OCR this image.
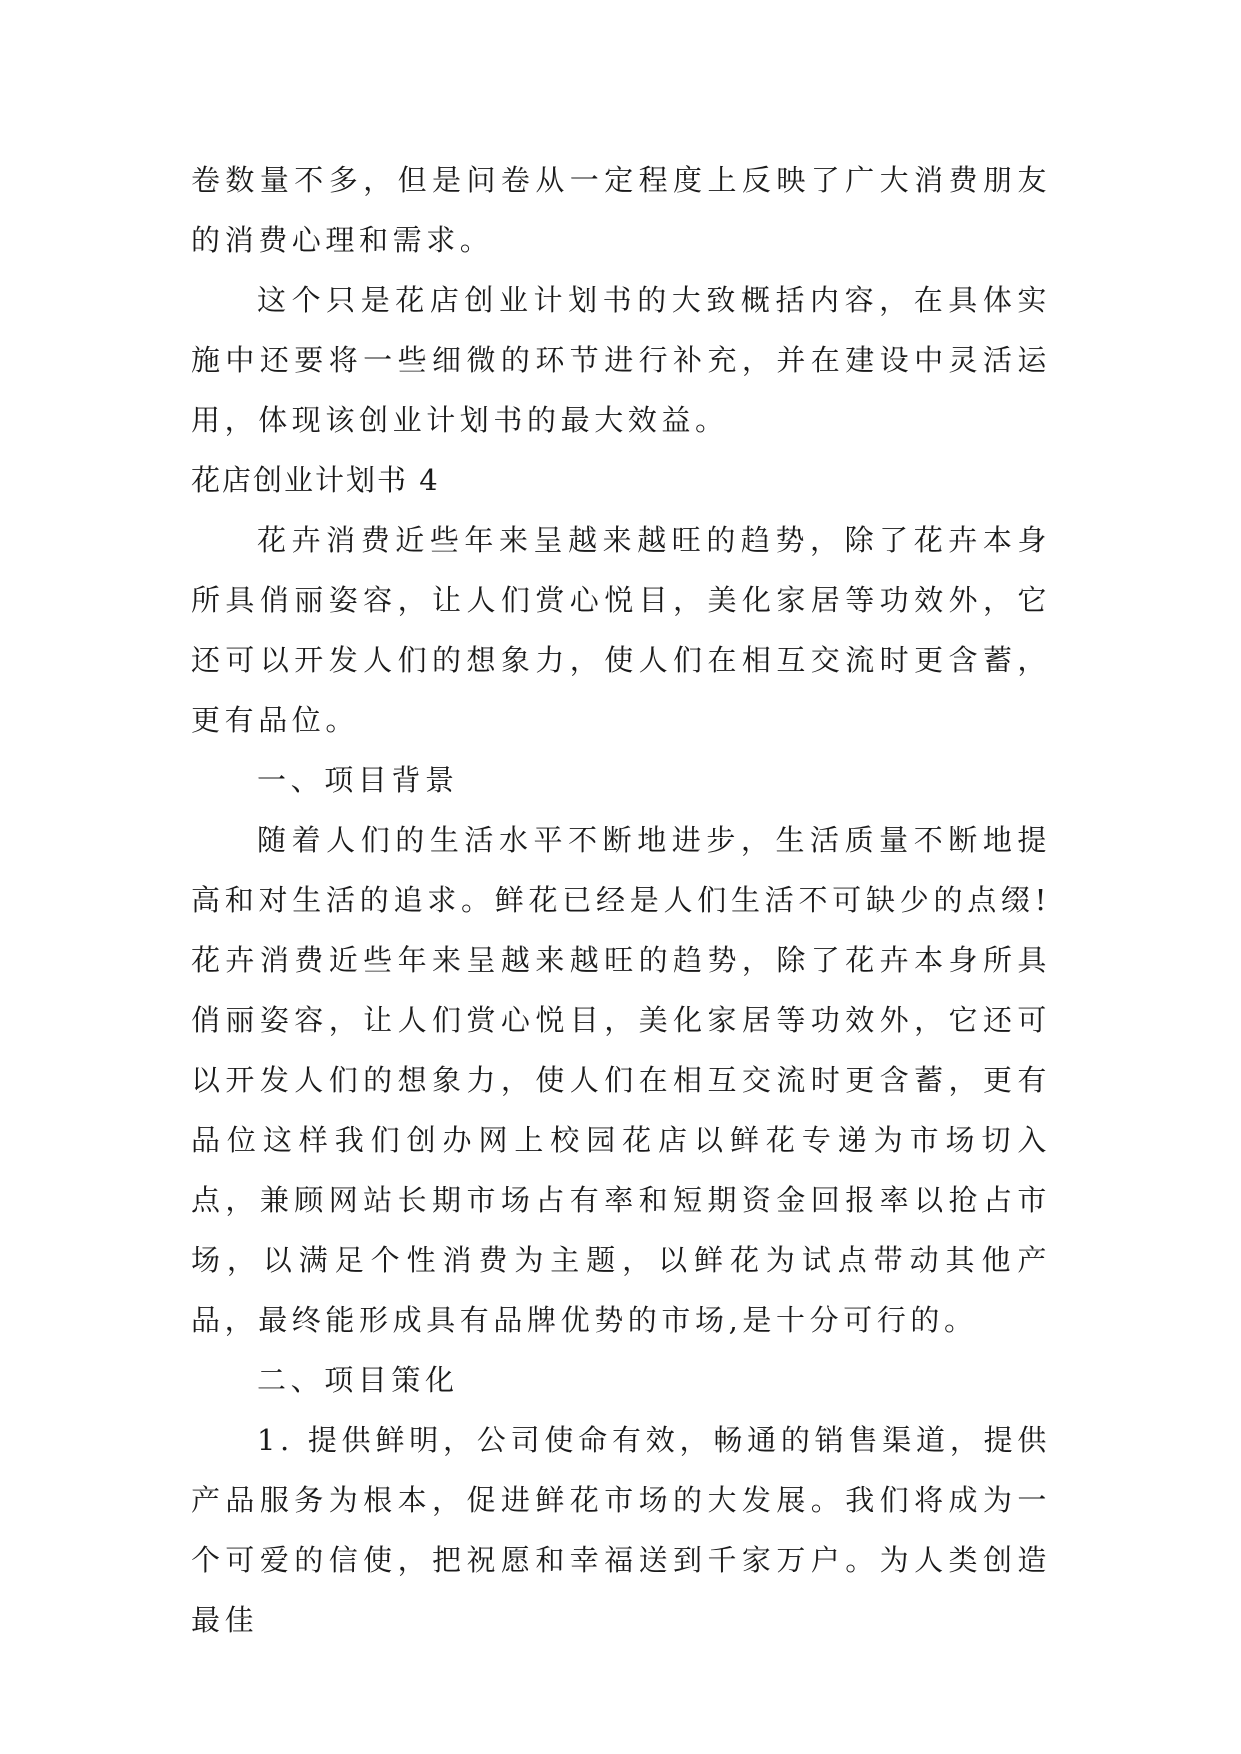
卷数量不多，但是问卷从一定程度上反映了广大消费朋友的消费心理和需求。

这个只是花店创业计划书的大致概括内容，在具体实施中还要将一些细微的环节进行补充，并在建设中灵活运用，体现该创业计划书的最大效益。

花店创业计划书 4

花卉消费近些年来呈越来越旺的趋势，除了花卉本身所具俏丽姿容，让人们赏心悦目，美化家居等功效外，它还可以开发人们的想象力，使人们在相互交流时更含蓄，更有品位。

一、项目背景

随着人们的生活水平不断地进步，生活质量不断地提高和对生活的追求。鲜花已经是人们生活不可缺少的点缀!花卉消费近些年来呈越来越旺的趋势，除了花卉本身所具俏丽姿容，让人们赏心悦目，美化家居等功效外，它还可以开发人们的想象力，使人们在相互交流时更含蓄，更有品位这样我们创办网上校园花店以鲜花专递为市场切入点，兼顾网站长期市场占有率和短期资金回报率以抢占市场，以满足个性消费为主题，以鲜花为试点带动其他产品，最终能形成具有品牌优势的市场,是十分可行的。

二、项目策化

1. 提供鲜明，公司使命有效，畅通的销售渠道，提供产品服务为根本，促进鲜花市场的大发展。我们将成为一个可爱的信使，把祝愿和幸福送到千家万户。为人类创造最佳
